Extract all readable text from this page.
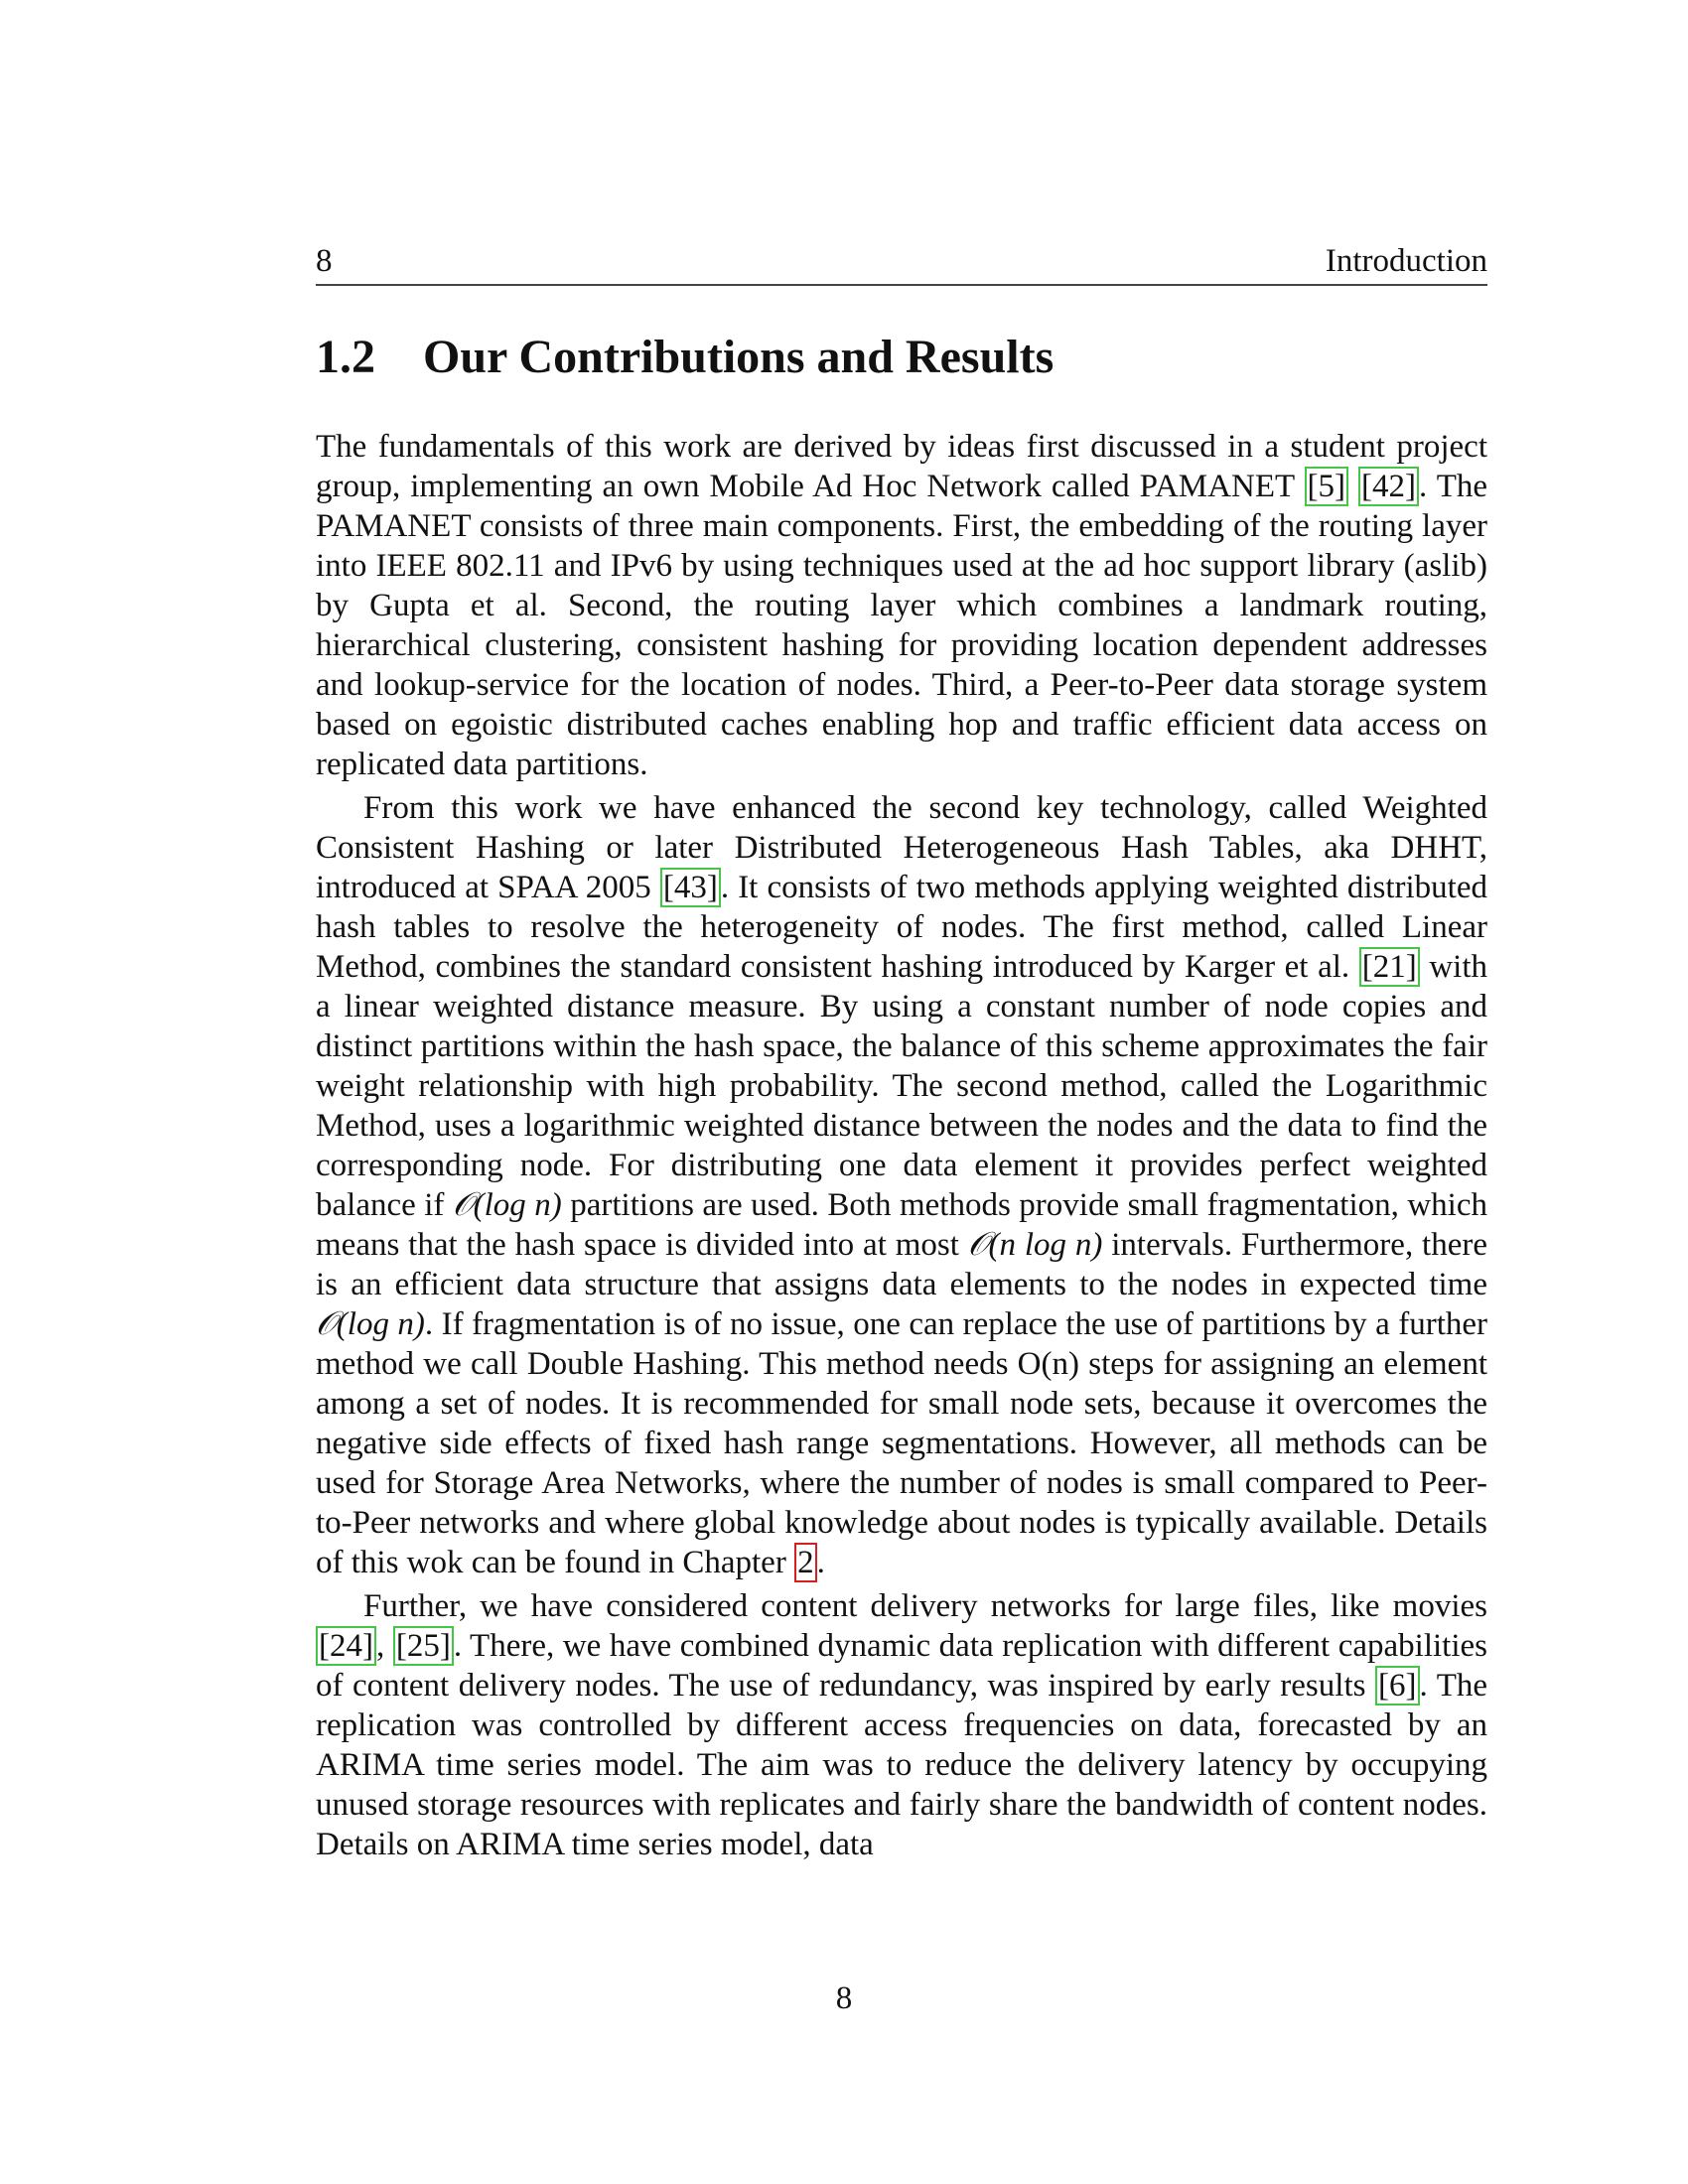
8	Introduction
1.2 Our Contributions and Results

The fundamentals of this work are derived by ideas first discussed in a student project group, implementing an own Mobile Ad Hoc Network called PAMANET [5] [42]. The PAMANET consists of three main components. First, the embedding of the routing layer into IEEE 802.11 and IPv6 by using techniques used at the ad hoc support library (aslib) by Gupta et al. Second, the routing layer which combines a landmark routing, hierarchical clustering, consistent hashing for providing location dependent addresses and lookup-service for the location of nodes. Third, a Peer-to-Peer data storage system based on egoistic distributed caches enabling hop and traffic efficient data access on replicated data partitions.

From this work we have enhanced the second key technology, called Weighted Consistent Hashing or later Distributed Heterogeneous Hash Tables, aka DHHT, introduced at SPAA 2005 [43]. It consists of two methods applying weighted distributed hash tables to resolve the heterogeneity of nodes. The first method, called Linear Method, combines the standard consistent hashing introduced by Karger et al. [21] with a linear weighted distance measure. By using a constant number of node copies and distinct partitions within the hash space, the balance of this scheme approximates the fair weight relationship with high probability. The second method, called the Logarithmic Method, uses a logarithmic weighted distance between the nodes and the data to find the corresponding node. For distributing one data element it provides perfect weighted balance if 𝒪(log n) partitions are used. Both methods provide small fragmentation, which means that the hash space is divided into at most 𝒪(n log n) intervals. Furthermore, there is an efficient data structure that assigns data elements to the nodes in expected time 𝒪(log n). If fragmentation is of no issue, one can replace the use of partitions by a further method we call Double Hashing. This method needs O(n) steps for assigning an element among a set of nodes. It is recommended for small node sets, because it overcomes the negative side effects of fixed hash range segmentations. However, all methods can be used for Storage Area Networks, where the number of nodes is small compared to Peer-to-Peer networks and where global knowledge about nodes is typically available. Details of this wok can be found in Chapter 2.

Further, we have considered content delivery networks for large files, like movies [24], [25]. There, we have combined dynamic data replication with different capabilities of content delivery nodes. The use of redundancy, was inspired by early results [6]. The replication was controlled by different access frequencies on data, forecasted by an ARIMA time series model. The aim was to reduce the delivery latency by occupying unused storage resources with replicates and fairly share the bandwidth of content nodes. Details on ARIMA time series model, data

8
